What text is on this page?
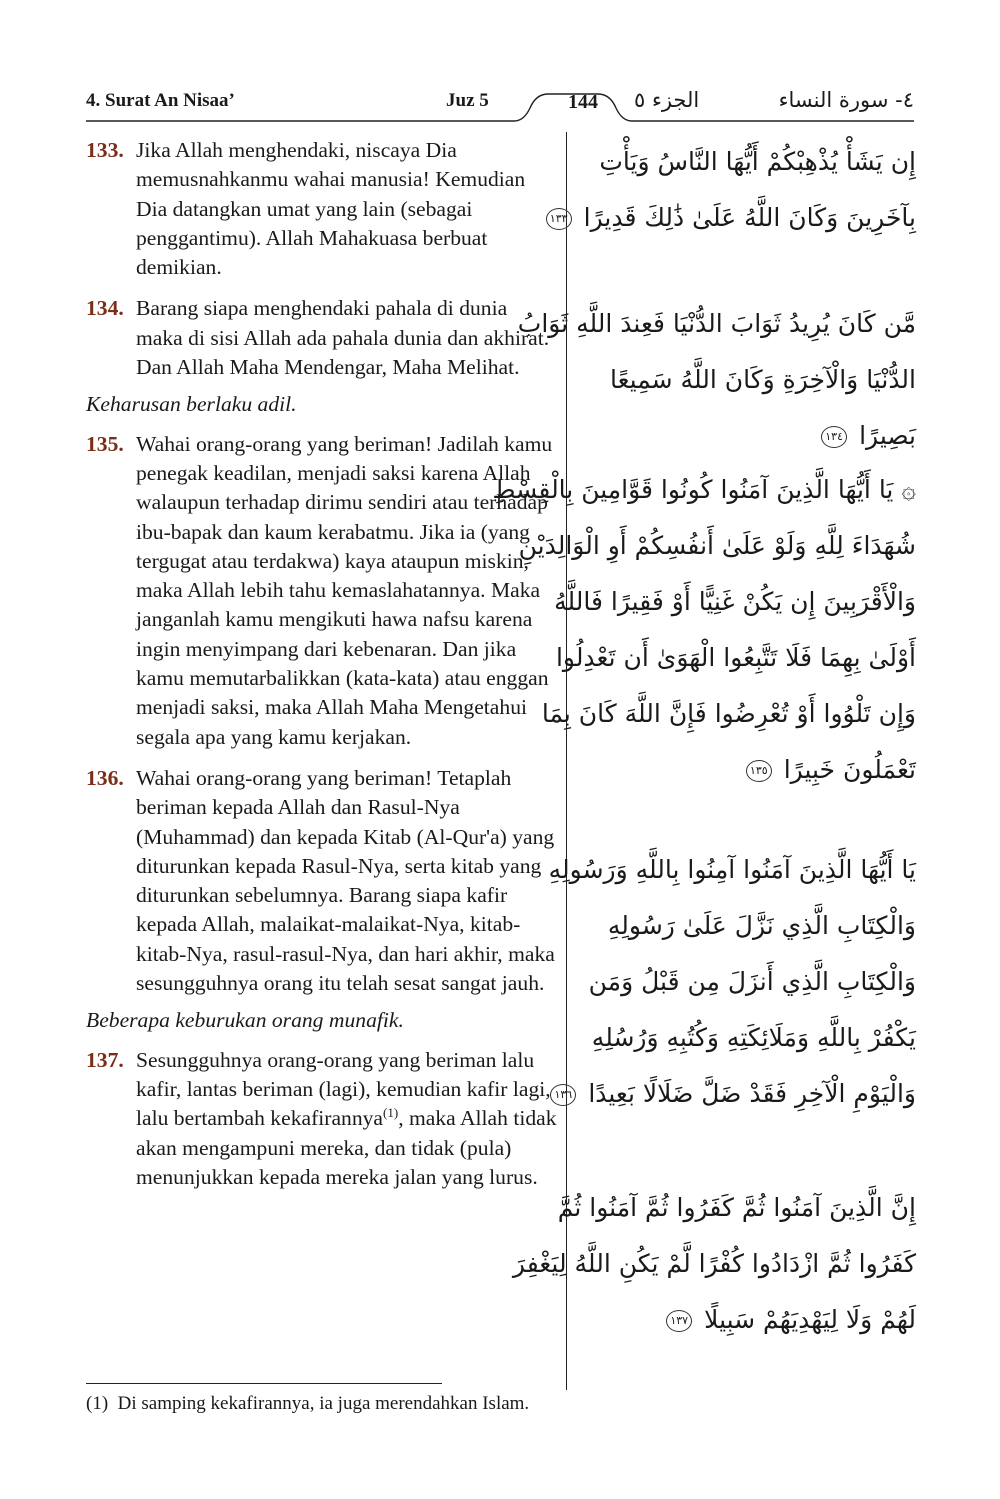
4. Surat An Nisaa’	Juz 5	144	الجزء ٥	٤- سورة النساء
133. Jika Allah menghendaki, niscaya Dia memusnahkanmu wahai manusia! Kemudian Dia datangkan umat yang lain (sebagai penggantimu). Allah Mahakuasa berbuat demikian.
134. Barang siapa menghendaki pahala di dunia maka di sisi Allah ada pahala dunia dan akhirat. Dan Allah Maha Mendengar, Maha Melihat.
Keharusan berlaku adil.
135. Wahai orang-orang yang beriman! Jadilah kamu penegak keadilan, menjadi saksi karena Allah walaupun terhadap dirimu sendiri atau terhadap ibu-bapak dan kaum kerabatmu. Jika ia (yang tergugat atau terdakwa) kaya ataupun miskin, maka Allah lebih tahu kemaslahatannya. Maka janganlah kamu mengikuti hawa nafsu karena ingin menyimpang dari kebenaran. Dan jika kamu memutarbalikkan (kata-kata) atau enggan menjadi saksi, maka Allah Maha Mengetahui segala apa yang kamu kerjakan.
136. Wahai orang-orang yang beriman! Tetaplah beriman kepada Allah dan Rasul-Nya (Muhammad) dan kepada Kitab (Al-Qur'a) yang diturunkan kepada Rasul-Nya, serta kitab yang diturunkan sebelumnya. Barang siapa kafir kepada Allah, malaikat-malaikat-Nya, kitab-kitab-Nya, rasul-rasul-Nya, dan hari akhir, maka sesungguhnya orang itu telah sesat sangat jauh.
Beberapa keburukan orang munafik.
137. Sesungguhnya orang-orang yang beriman lalu kafir, lantas beriman (lagi), kemudian kafir lagi, lalu bertambah kekafirannya$^{(1)}$, maka Allah tidak akan mengampuni mereka, dan tidak (pula) menunjukkan kepada mereka jalan yang lurus.
إِن يَشَأْ يُذْهِبْكُمْ أَيُّهَا النَّاسُ وَيَأْتِ
بِآخَرِينَ وَكَانَ اللَّهُ عَلَىٰ ذَٰلِكَ قَدِيرًا ١٣٣
مَّن كَانَ يُرِيدُ ثَوَابَ الدُّنْيَا فَعِندَ اللَّهِ ثَوَابُ
الدُّنْيَا وَالْآخِرَةِ وَكَانَ اللَّهُ سَمِيعًا
بَصِيرًا ١٣٤
۞ يَا أَيُّهَا الَّذِينَ آمَنُوا كُونُوا قَوَّامِينَ بِالْقِسْطِ
شُهَدَاءَ لِلَّهِ وَلَوْ عَلَىٰ أَنفُسِكُمْ أَوِ الْوَالِدَيْنِ
وَالْأَقْرَبِينَ إِن يَكُنْ غَنِيًّا أَوْ فَقِيرًا فَاللَّهُ
أَوْلَىٰ بِهِمَا فَلَا تَتَّبِعُوا الْهَوَىٰ أَن تَعْدِلُوا
وَإِن تَلْوُوا أَوْ تُعْرِضُوا فَإِنَّ اللَّهَ كَانَ بِمَا
تَعْمَلُونَ خَبِيرًا ١٣٥
يَا أَيُّهَا الَّذِينَ آمَنُوا آمِنُوا بِاللَّهِ وَرَسُولِهِ
وَالْكِتَابِ الَّذِي نَزَّلَ عَلَىٰ رَسُولِهِ
وَالْكِتَابِ الَّذِي أَنزَلَ مِن قَبْلُ وَمَن
يَكْفُرْ بِاللَّهِ وَمَلَائِكَتِهِ وَكُتُبِهِ وَرُسُلِهِ
وَالْيَوْمِ الْآخِرِ فَقَدْ ضَلَّ ضَلَالًا بَعِيدًا ١٣٦
إِنَّ الَّذِينَ آمَنُوا ثُمَّ كَفَرُوا ثُمَّ آمَنُوا ثُمَّ
كَفَرُوا ثُمَّ ازْدَادُوا كُفْرًا لَّمْ يَكُنِ اللَّهُ لِيَغْفِرَ
لَهُمْ وَلَا لِيَهْدِيَهُمْ سَبِيلًا ١٣٧
(1) Di samping kekafirannya, ia juga merendahkan Islam.
